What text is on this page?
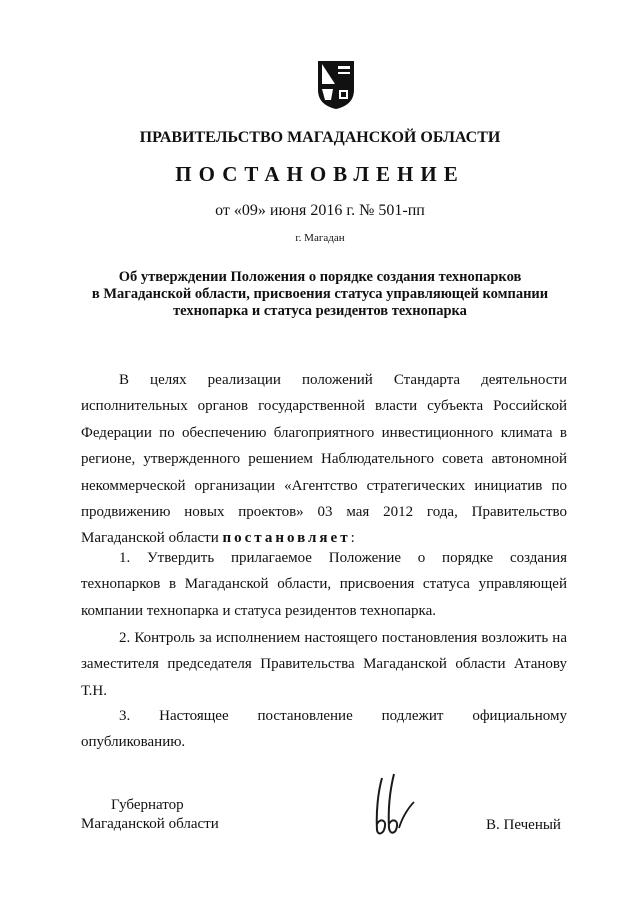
ПРАВИТЕЛЬСТВО МАГАДАНСКОЙ ОБЛАСТИ
ПОСТАНОВЛЕНИЕ
от «09» июня 2016 г. № 501-пп
г. Магадан
Об утверждении Положения о порядке создания технопарков
в Магаданской области, присвоения статуса управляющей компании
технопарка и статуса резидентов технопарка

В целях реализации положений Стандарта деятельности исполнительных органов государственной власти субъекта Российской Федерации по обеспечению благоприятного инвестиционного климата в регионе, утвержденного решением Наблюдательного совета автономной некоммерческой организации «Агентство стратегических инициатив по продвижению новых проектов» 03 мая 2012 года, Правительство Магаданской области постановляет:

1. Утвердить прилагаемое Положение о порядке создания технопарков в Магаданской области, присвоения статуса управляющей компании технопарка и статуса резидентов технопарка.

2. Контроль за исполнением настоящего постановления возложить на заместителя председателя Правительства Магаданской области Атанову Т.Н.

3. Настоящее постановление подлежит официальному опубликованию.

Губернатор
Магаданской области	В. Печеный
